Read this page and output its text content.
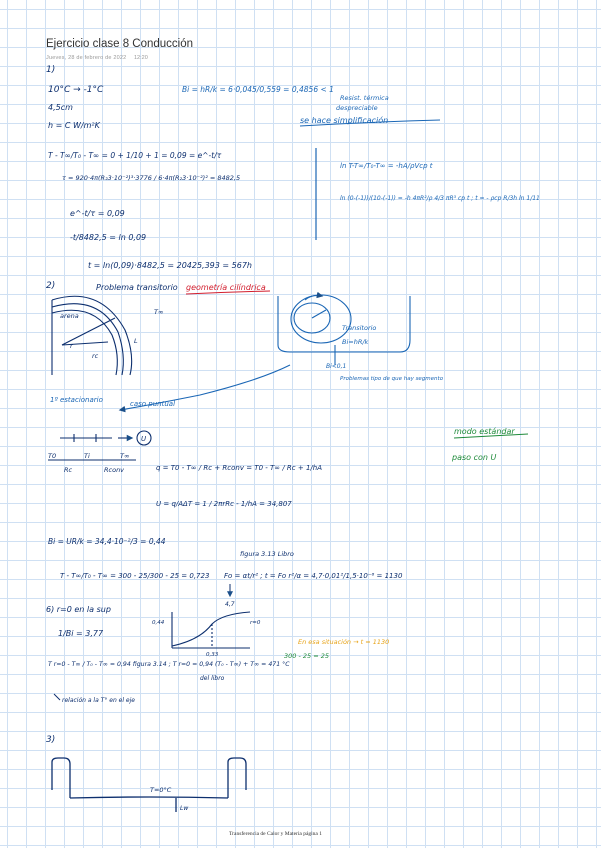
Ejercicio clase 8 Conducción
Jueves, 28 de febrero de 2022 12:20
1)
10°C → -1°C
4,5cm
h = C W/m²K
Bi = hR/k = 6·0,045/0,559 = 0,4856 < 1
Resist. térmica
despreciable
se hace simplificación
T - T∞/T₀ - T∞ = 0 + 1/10 + 1 = 0,09 = e^-t/τ
τ = 920·4π(R₂3·10⁻²)³·3776 / 6·4π(R₂3·10⁻²)² = 8482,5
e^-t/τ = 0,09
-t/8482,5 = ln 0,09
t = ln(0,09)·8482,5 = 20425,393 = 567h
ln T-T∞/T₀-T∞ = -hA/ρVcp t
ln (0-(-1))/(10-(-1)) = -h 4πR²/ρ 4/3 πR³ cp t ; t = - ρcp R/3h ln 1/11
2)	Problema transitorio geometría cilíndrica
arena	T∞
rc
r
L
Transitorio
Bi=hR/k
Bi<0,1
Problemas tipo de que hay segmento
1º estacionario	caso puntual
U
T0	Ti	T∞
Rc	Rconv	q = T0 - T∞ / Rc + Rconv = T0 - T∞ / Rc + 1/hA
U = q/AΔT = 1 / 2πrRc - 1/hA = 34,807
modo estándar
paso con U
Bi = UR/k = 34,4·10⁻²/3 = 0,44
figura 3.13 Libro
T - T∞/T₀ - T∞ = 300 - 25/300 - 25 = 0,723 Fo = αt/r² ; t = Fo r²/α = 4,7·0,01²/1,5·10⁻⁶ = 1130
4,7
6) r=0 en la sup
1/Bi = 3,77
0,44
0,33
r=0
En esa situación → t = 1130
300 - 25 = 25
T r=0 - T∞ / T₀ - T∞ = 0,94 figura 3.14 ; T r=0 = 0,94 (T₀ - T∞) + T∞ = 471 °C
del libro
relación a la T° en el eje
3)
T=0°C
Lw
Transferencia de Calor y Materia página 1
